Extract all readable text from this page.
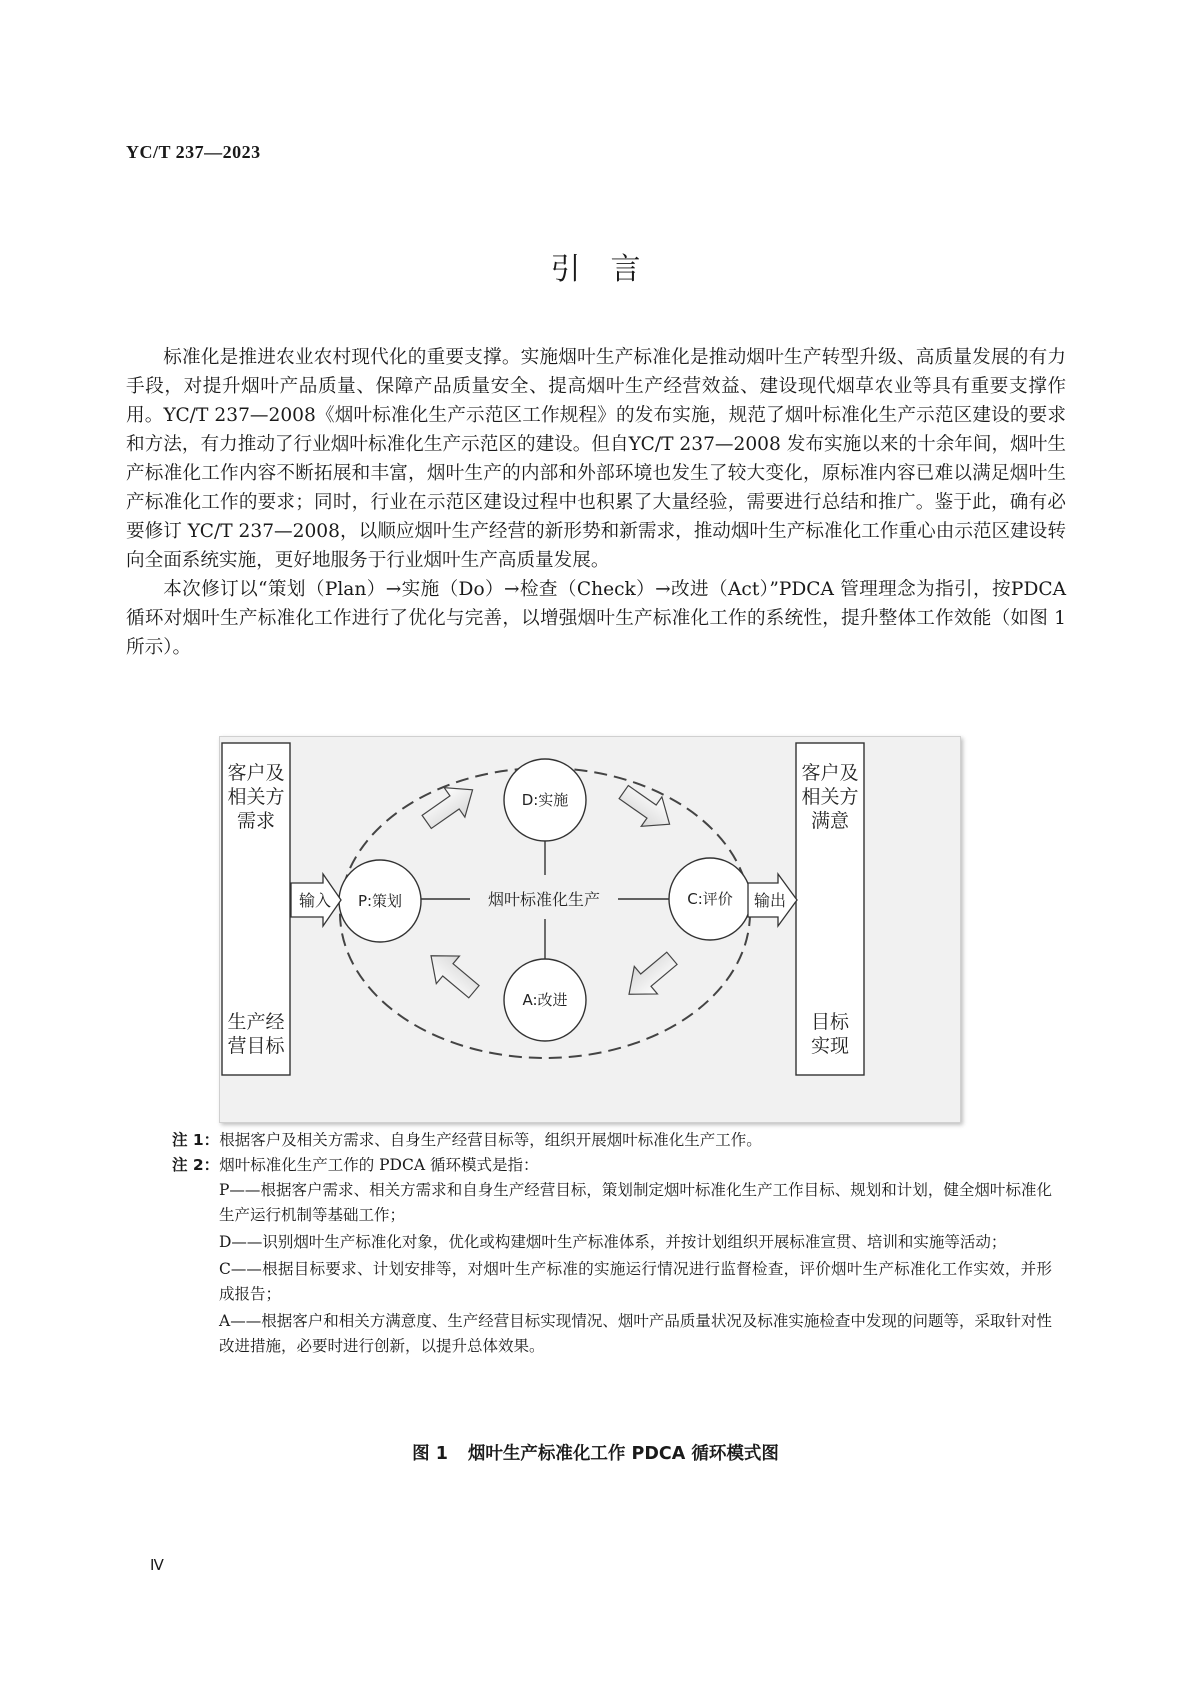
YC/T 237—2023
引　言

标准化是推进农业农村现代化的重要支撑。实施烟叶生产标准化是推动烟叶生产转型升级、高质量发展的有力手段，对提升烟叶产品质量、保障产品质量安全、提高烟叶生产经营效益、建设现代烟草农业等具有重要支撑作用。YC/T 237—2008《烟叶标准化生产示范区工作规程》的发布实施，规范了烟叶标准化生产示范区建设的要求和方法，有力推动了行业烟叶标准化生产示范区的建设。但自YC/T 237—2008 发布实施以来的十余年间，烟叶生产标准化工作内容不断拓展和丰富，烟叶生产的内部和外部环境也发生了较大变化，原标准内容已难以满足烟叶生产标准化工作的要求；同时，行业在示范区建设过程中也积累了大量经验，需要进行总结和推广。鉴于此，确有必要修订 YC/T 237—2008，以顺应烟叶生产经营的新形势和新需求，推动烟叶生产标准化工作重心由示范区建设转向全面系统实施，更好地服务于行业烟叶生产高质量发展。

本次修订以“策划（Plan）→实施（Do）→检查（Check）→改进（Act）”PDCA 管理理念为指引，按PDCA 循环对烟叶生产标准化工作进行了优化与完善，以增强烟叶生产标准化工作的系统性，提升整体工作效能（如图 1 所示）。

客户及
相关方
需求
生产经
营目标
客户及
相关方
满意
目标
实现
输入	输出
D:实施
P:策划	C:评价
A:改进
烟叶标准化生产
注 1： 根据客户及相关方需求、自身生产经营目标等，组织开展烟叶标准化生产工作。
注 2： 烟叶标准化生产工作的 PDCA 循环模式是指：

P——根据客户需求、相关方需求和自身生产经营目标，策划制定烟叶标准化生产工作目标、规划和计划，健全烟叶标准化生产运行机制等基础工作；

D——识别烟叶生产标准化对象，优化或构建烟叶生产标准体系，并按计划组织开展标准宣贯、培训和实施等活动；

C——根据目标要求、计划安排等，对烟叶生产标准的实施运行情况进行监督检查，评价烟叶生产标准化工作实效，并形成报告；

A——根据客户和相关方满意度、生产经营目标实现情况、烟叶产品质量状况及标准实施检查中发现的问题等，采取针对性改进措施，必要时进行创新，以提升总体效果。

图 1 烟叶生产标准化工作 PDCA 循环模式图
Ⅳ
